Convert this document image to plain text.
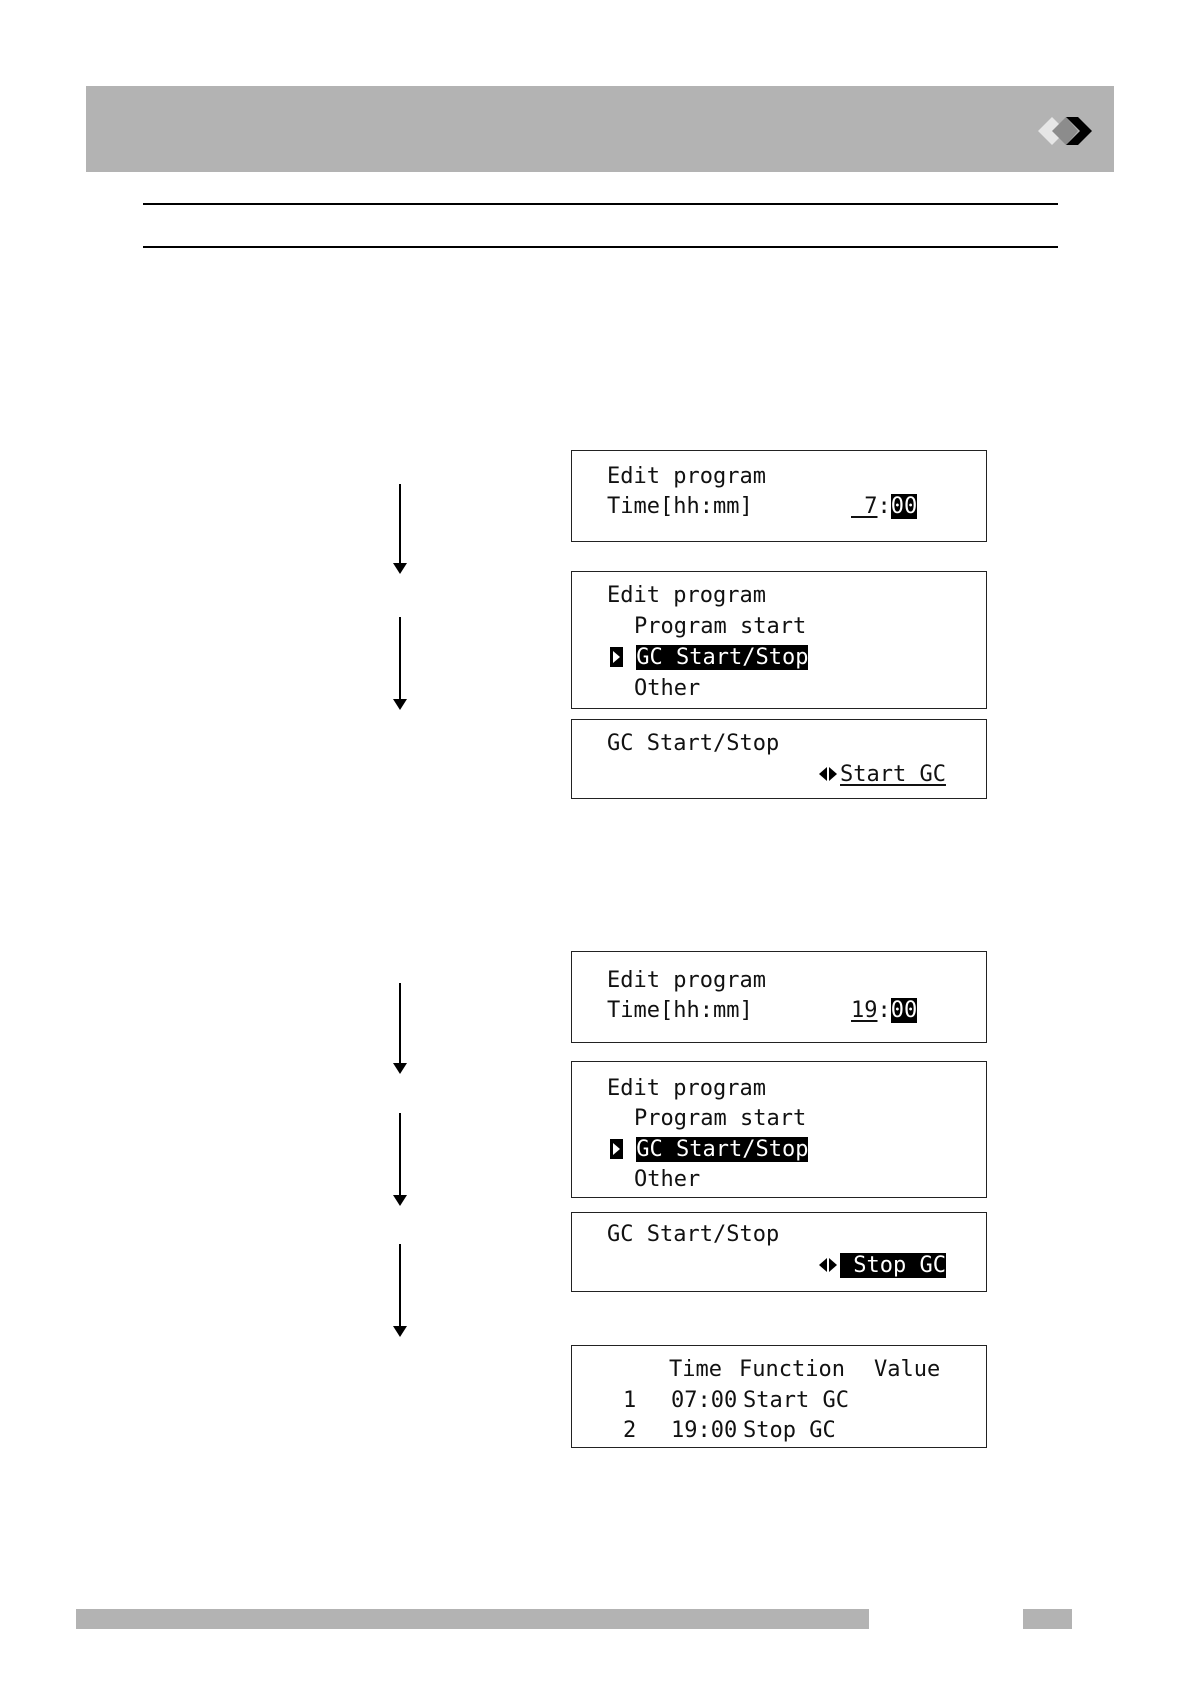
Edit program
Time[hh:mm]	7:00
Edit program
Program start
GC Start/Stop
Other
GC Start/Stop
Start GC
Edit program
Time[hh:mm]	19:00
Edit program
Program start
GC Start/Stop
Other
GC Start/Stop
Stop GC
Time Function Value
1 07:00 Start GC
2 19:00 Stop GC
